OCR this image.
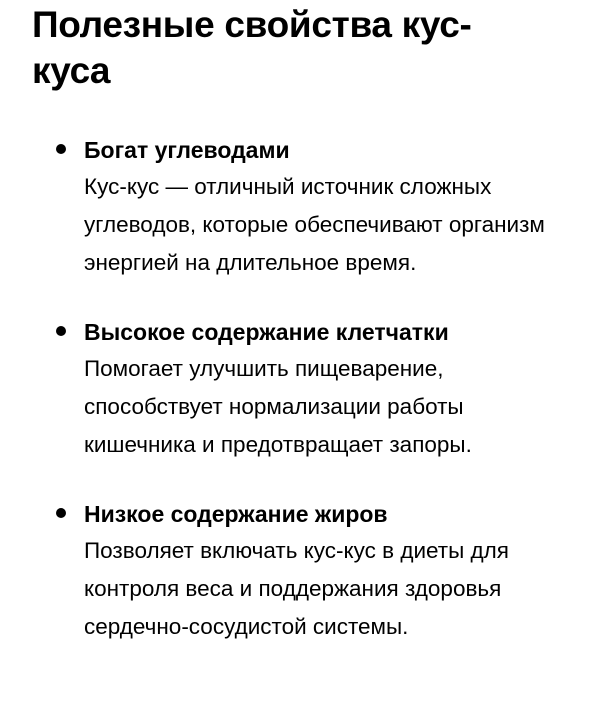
Полезные свойства кус-кусa
Богат углеводами
Кус-кус — отличный источник сложных углеводов, которые обеспечивают организм энергией на длительное время.
Высокое содержание клетчатки
Помогает улучшить пищеварение, способствует нормализации работы кишечника и предотвращает запоры.
Низкое содержание жиров
Позволяет включать кус-кус в диеты для контроля веса и поддержания здоровья сердечно-сосудистой системы.
